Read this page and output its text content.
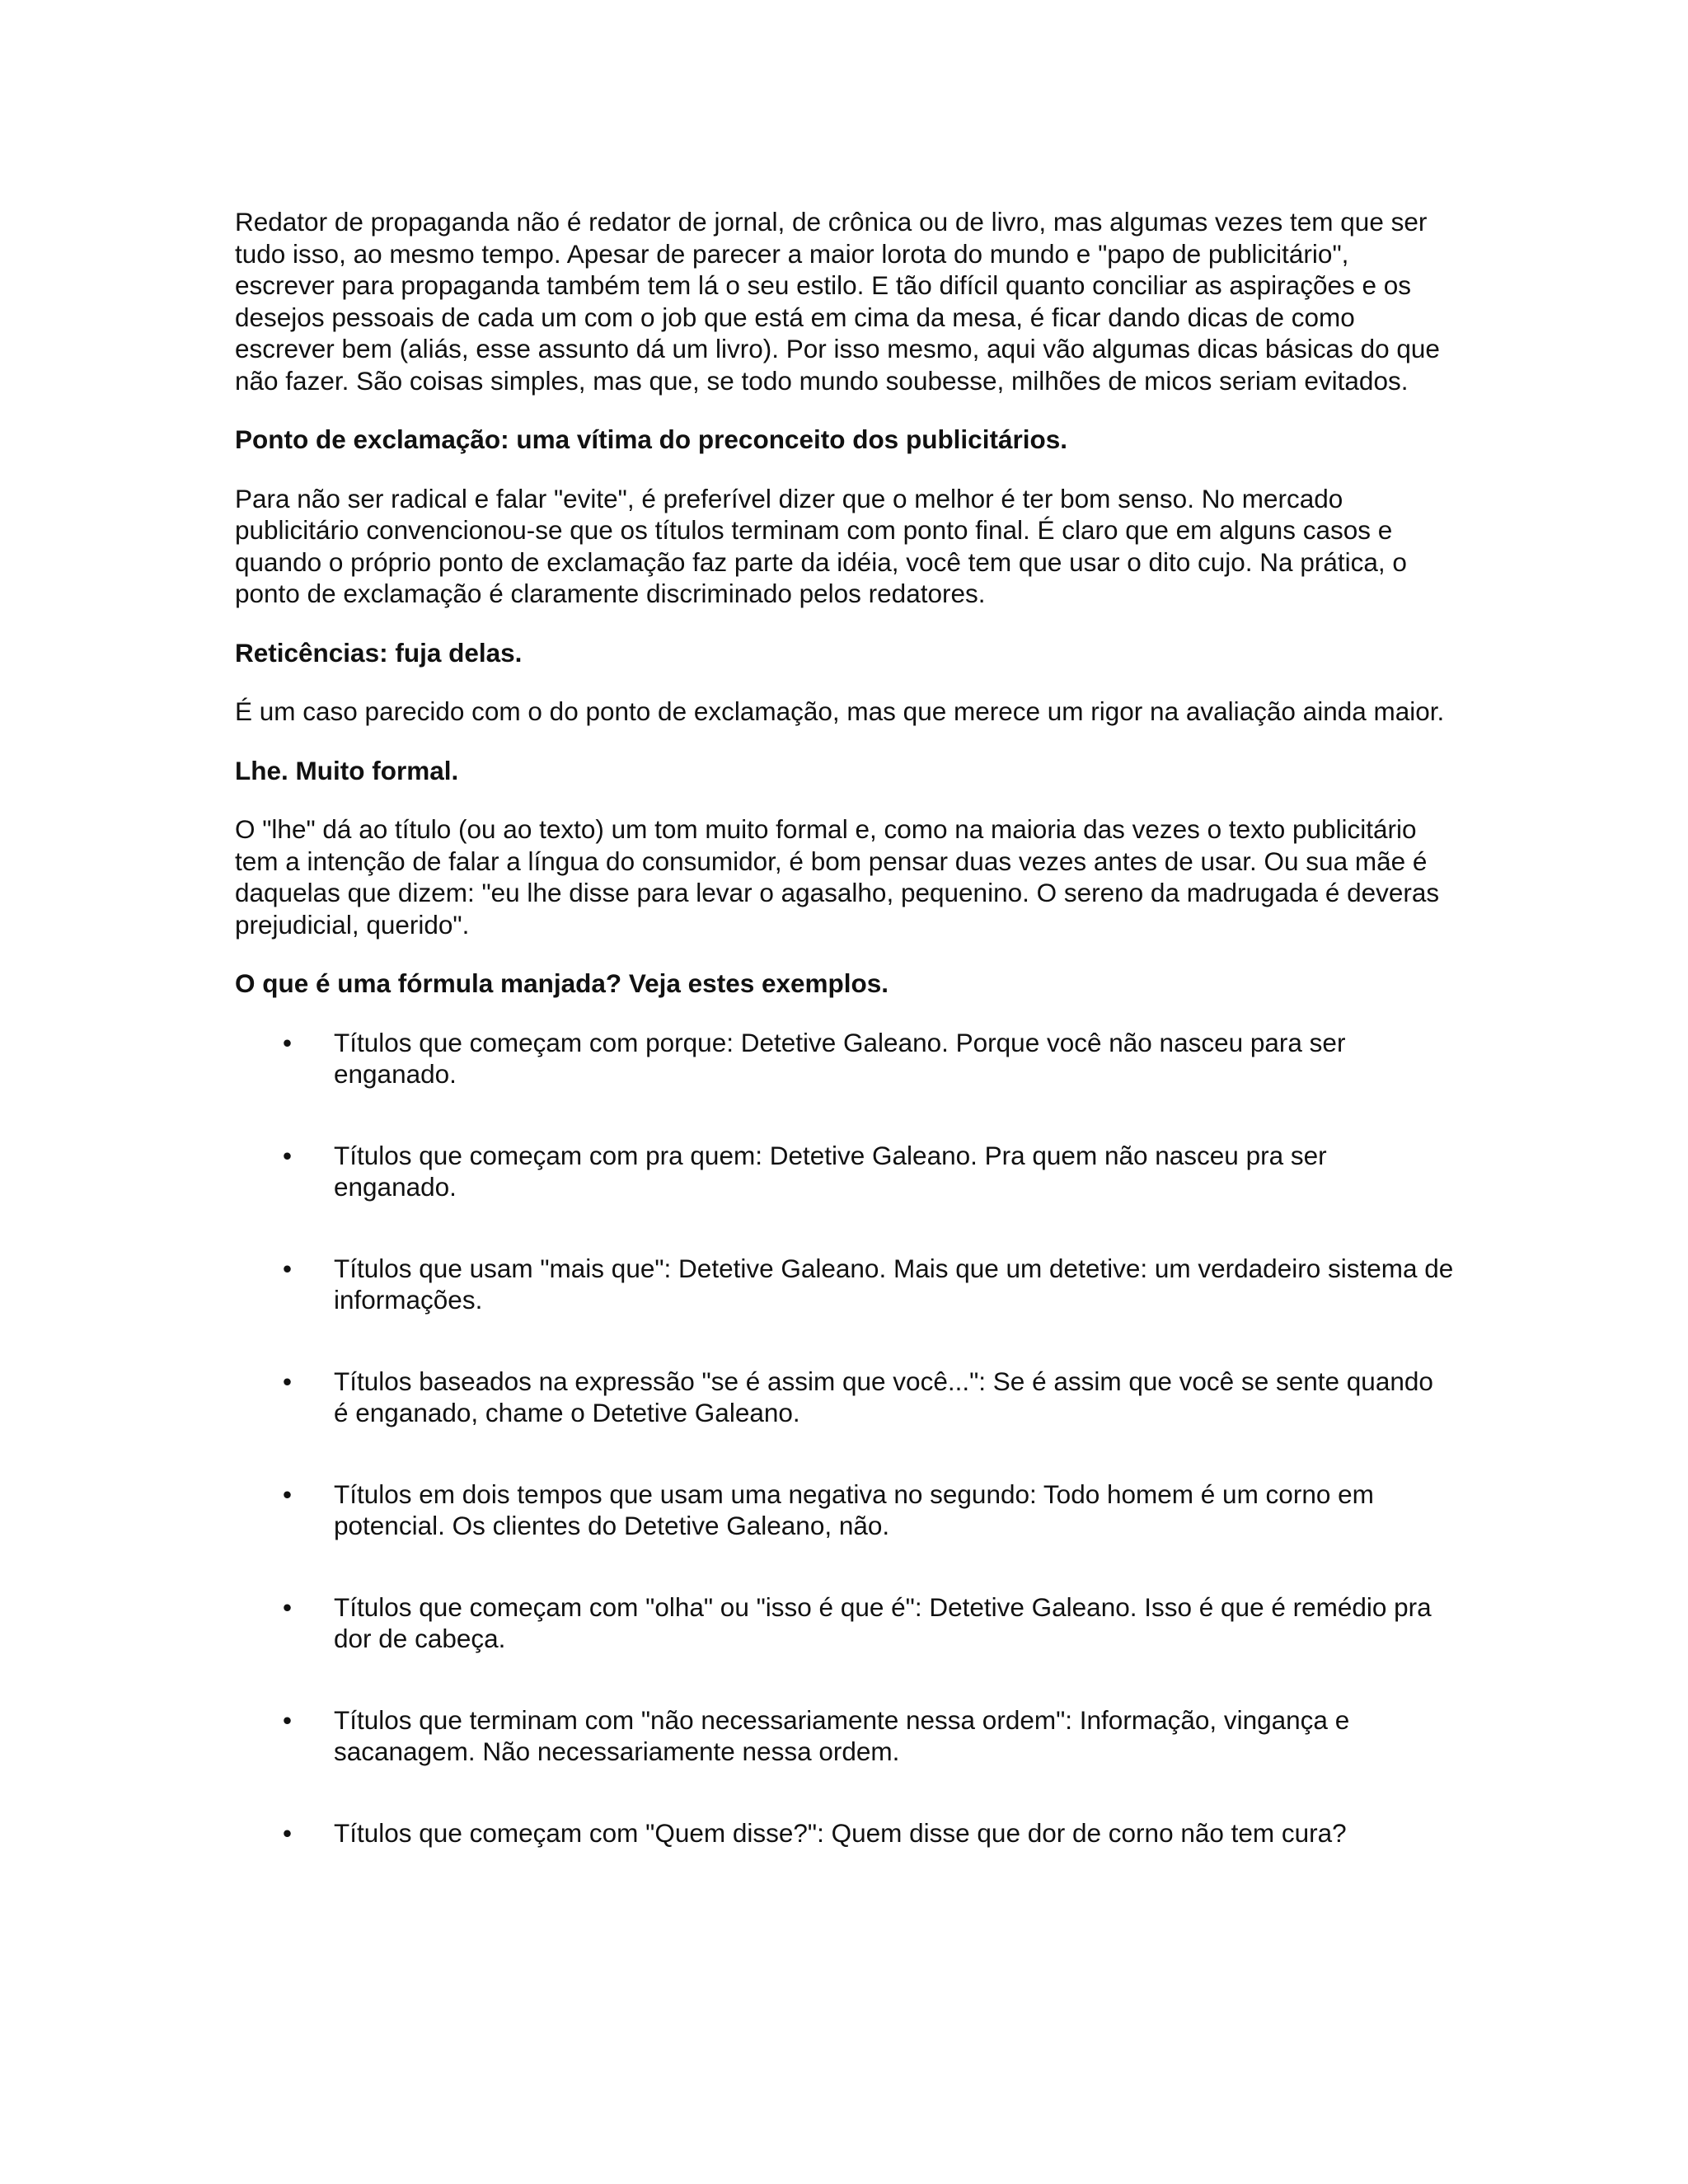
Redator de propaganda não é redator de jornal, de crônica ou de livro, mas algumas vezes tem que ser tudo isso, ao mesmo tempo. Apesar de parecer a maior lorota do mundo e "papo de publicitário", escrever para propaganda também tem lá o seu estilo. E tão difícil quanto conciliar as aspirações e os desejos pessoais de cada um com o job que está em cima da mesa, é ficar dando dicas de como escrever bem (aliás, esse assunto dá um livro). Por isso mesmo, aqui vão algumas dicas básicas do que não fazer. São coisas simples, mas que, se todo mundo soubesse, milhões de micos seriam evitados.

Ponto de exclamação: uma vítima do preconceito dos publicitários.

Para não ser radical e falar "evite", é preferível dizer que o melhor é ter bom senso. No mercado publicitário convencionou-se que os títulos terminam com ponto final. É claro que em alguns casos e quando o próprio ponto de exclamação faz parte da idéia, você tem que usar o dito cujo. Na prática, o ponto de exclamação é claramente discriminado pelos redatores.

Reticências: fuja delas.

É um caso parecido com o do ponto de exclamação, mas que merece um rigor na avaliação ainda maior.

Lhe. Muito formal.

O "lhe" dá ao título (ou ao texto) um tom muito formal e, como na maioria das vezes o texto publicitário tem a intenção de falar a língua do consumidor, é bom pensar duas vezes antes de usar. Ou sua mãe é daquelas que dizem: "eu lhe disse para levar o agasalho, pequenino. O sereno da madrugada é deveras prejudicial, querido".

O que é uma fórmula manjada? Veja estes exemplos.

• Títulos que começam com porque: Detetive Galeano. Porque você não nasceu para ser enganado.
• Títulos que começam com pra quem: Detetive Galeano. Pra quem não nasceu pra ser enganado.
• Títulos que usam "mais que": Detetive Galeano. Mais que um detetive: um verdadeiro sistema de informações.
• Títulos baseados na expressão "se é assim que você...": Se é assim que você se sente quando é enganado, chame o Detetive Galeano.
• Títulos em dois tempos que usam uma negativa no segundo: Todo homem é um corno em potencial. Os clientes do Detetive Galeano, não.
• Títulos que começam com "olha" ou "isso é que é": Detetive Galeano. Isso é que é remédio pra dor de cabeça.
• Títulos que terminam com "não necessariamente nessa ordem": Informação, vingança e sacanagem. Não necessariamente nessa ordem.
• Títulos que começam com "Quem disse?": Quem disse que dor de corno não tem cura?
